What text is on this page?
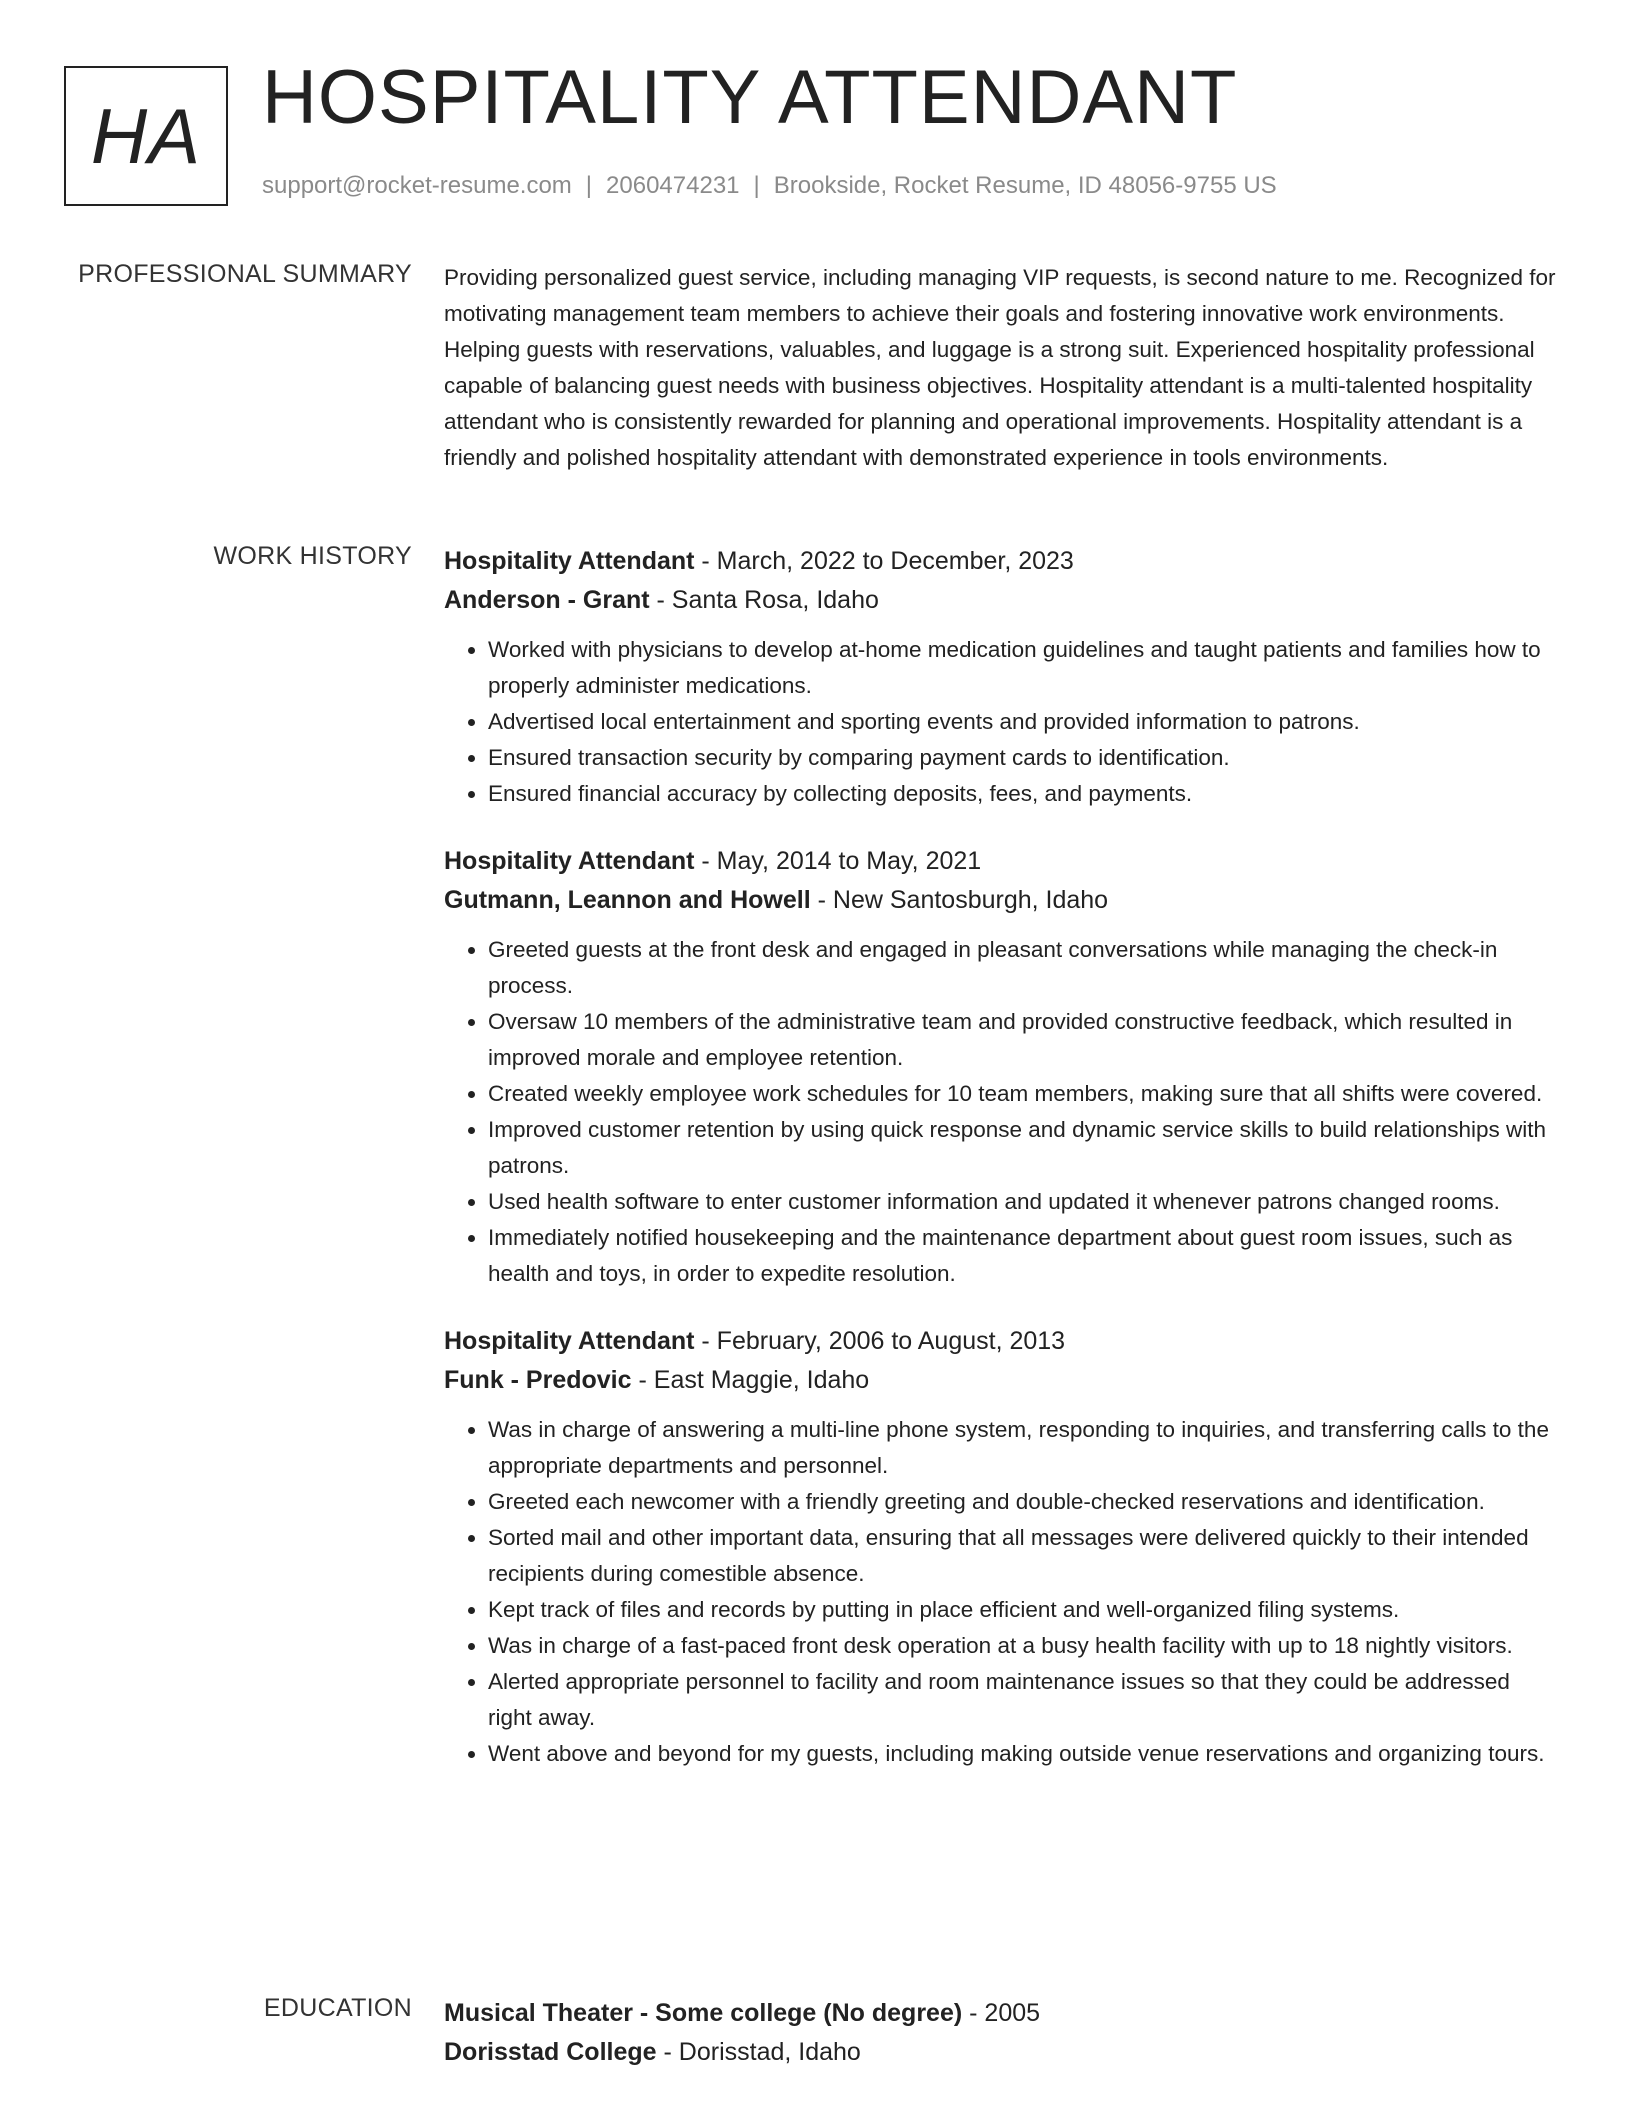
HA HOSPITALITY ATTENDANT
support@rocket-resume.com | 2060474231 | Brookside, Rocket Resume, ID 48056-9755 US
PROFESSIONAL SUMMARY Providing personalized guest service, including managing VIP requests, is second nature to me. Recognized for motivating management team members to achieve their goals and fostering innovative work environments. Helping guests with reservations, valuables, and luggage is a strong suit. Experienced hospitality professional capable of balancing guest needs with business objectives. Hospitality attendant is a multi-talented hospitality attendant who is consistently rewarded for planning and operational improvements. Hospitality attendant is a friendly and polished hospitality attendant with demonstrated experience in tools environments.
WORK HISTORY Hospitality Attendant - March, 2022 to December, 2023
Anderson - Grant - Santa Rosa, Idaho
• Worked with physicians to develop at-home medication guidelines and taught patients and families how to properly administer medications.
• Advertised local entertainment and sporting events and provided information to patrons.
• Ensured transaction security by comparing payment cards to identification.
• Ensured financial accuracy by collecting deposits, fees, and payments.
Hospitality Attendant - May, 2014 to May, 2021
Gutmann, Leannon and Howell - New Santosburgh, Idaho
• Greeted guests at the front desk and engaged in pleasant conversations while managing the check-in process.
• Oversaw 10 members of the administrative team and provided constructive feedback, which resulted in improved morale and employee retention.
• Created weekly employee work schedules for 10 team members, making sure that all shifts were covered.
• Improved customer retention by using quick response and dynamic service skills to build relationships with patrons.
• Used health software to enter customer information and updated it whenever patrons changed rooms.
• Immediately notified housekeeping and the maintenance department about guest room issues, such as health and toys, in order to expedite resolution.
Hospitality Attendant - February, 2006 to August, 2013
Funk - Predovic - East Maggie, Idaho
• Was in charge of answering a multi-line phone system, responding to inquiries, and transferring calls to the appropriate departments and personnel.
• Greeted each newcomer with a friendly greeting and double-checked reservations and identification.
• Sorted mail and other important data, ensuring that all messages were delivered quickly to their intended recipients during comestible absence.
• Kept track of files and records by putting in place efficient and well-organized filing systems.
• Was in charge of a fast-paced front desk operation at a busy health facility with up to 18 nightly visitors.
• Alerted appropriate personnel to facility and room maintenance issues so that they could be addressed right away.
• Went above and beyond for my guests, including making outside venue reservations and organizing tours.
EDUCATION Musical Theater - Some college (No degree) - 2005
Dorisstad College - Dorisstad, Idaho
